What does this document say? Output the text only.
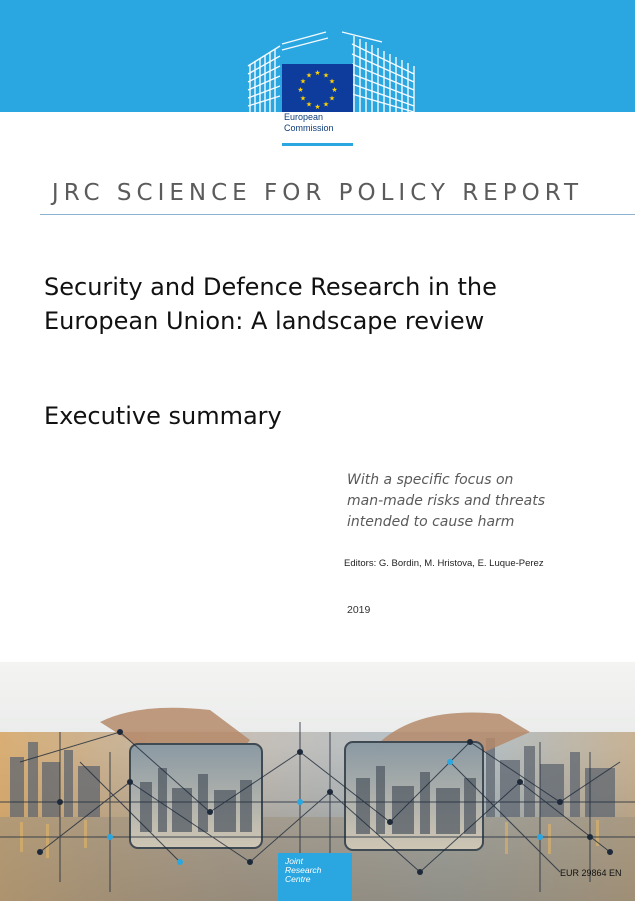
★ ★
★
★
★
★
★
★
★
★
★
★
European
Commission
JRC SCIENCE FOR POLICY REPORT
Security and Defence Research in the
European Union: A landscape review
Executive summary
With a specific focus on
man-made risks and threats
intended to cause harm
Editors: G. Bordin, M. Hristova, E. Luque-Perez
2019
Joint
Research
Centre
EUR 29864 EN
